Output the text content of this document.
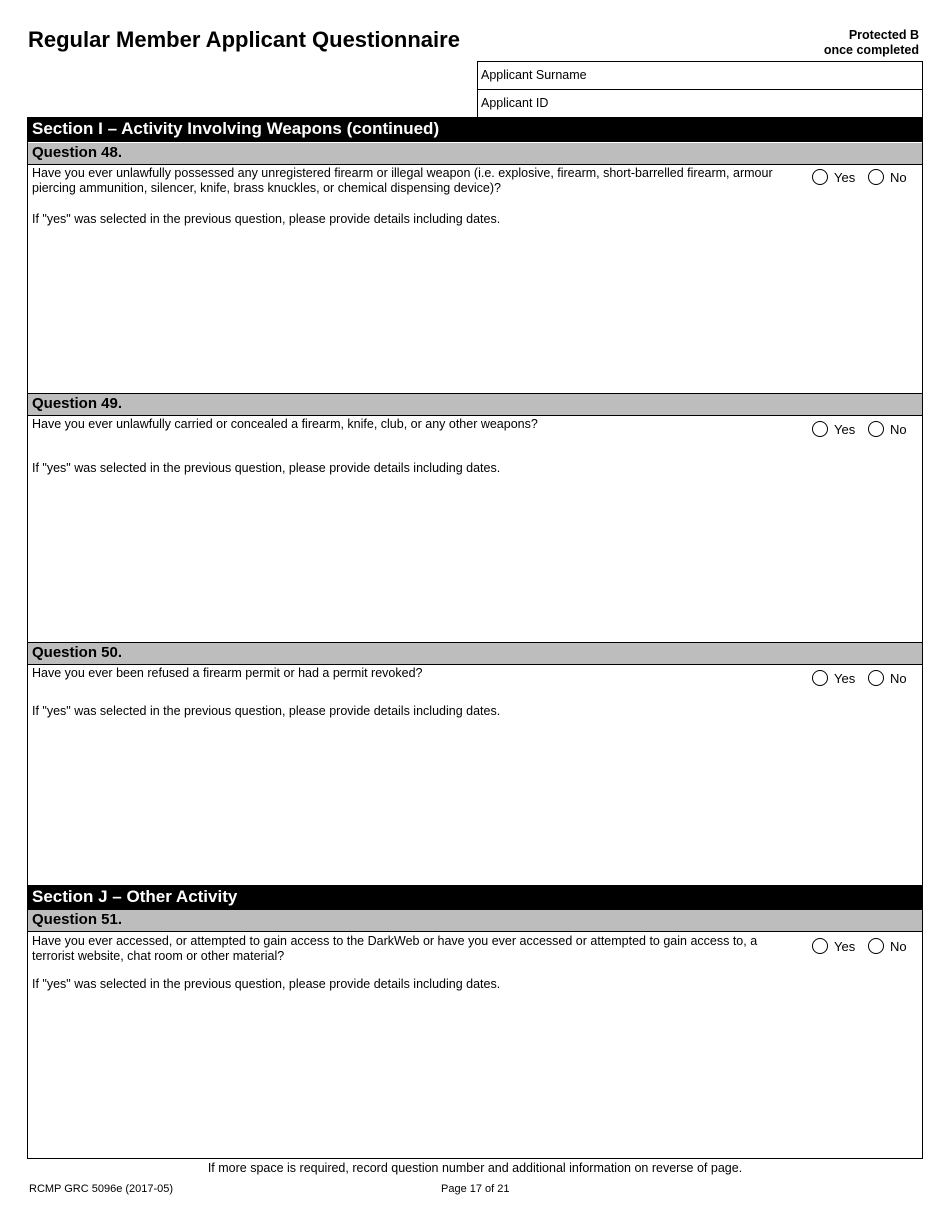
Regular Member Applicant Questionnaire	Protected B
once completed
Applicant Surname
Applicant ID
Section I – Activity Involving Weapons (continued)
Question 48.
Have you ever unlawfully possessed any unregistered firearm or illegal weapon (i.e. explosive, firearm, short-barrelled firearm, armour piercing ammunition, silencer, knife, brass knuckles, or chemical dispensing device)?
Yes	No
If "yes" was selected in the previous question, please provide details including dates.
Question 49.
Have you ever unlawfully carried or concealed a firearm, knife, club, or any other weapons?	Yes	No
If "yes" was selected in the previous question, please provide details including dates.
Question 50.
Have you ever been refused a firearm permit or had a permit revoked?	Yes	No
If "yes" was selected in the previous question, please provide details including dates.
Section J – Other Activity
Question 51.
Have you ever accessed, or attempted to gain access to the DarkWeb or have you ever accessed or attempted to gain access to, a terrorist website, chat room or other material?
Yes	No
If "yes" was selected in the previous question, please provide details including dates.
If more space is required, record question number and additional information on reverse of page.
RCMP GRC 5096e (2017-05)	Page 17 of 21
